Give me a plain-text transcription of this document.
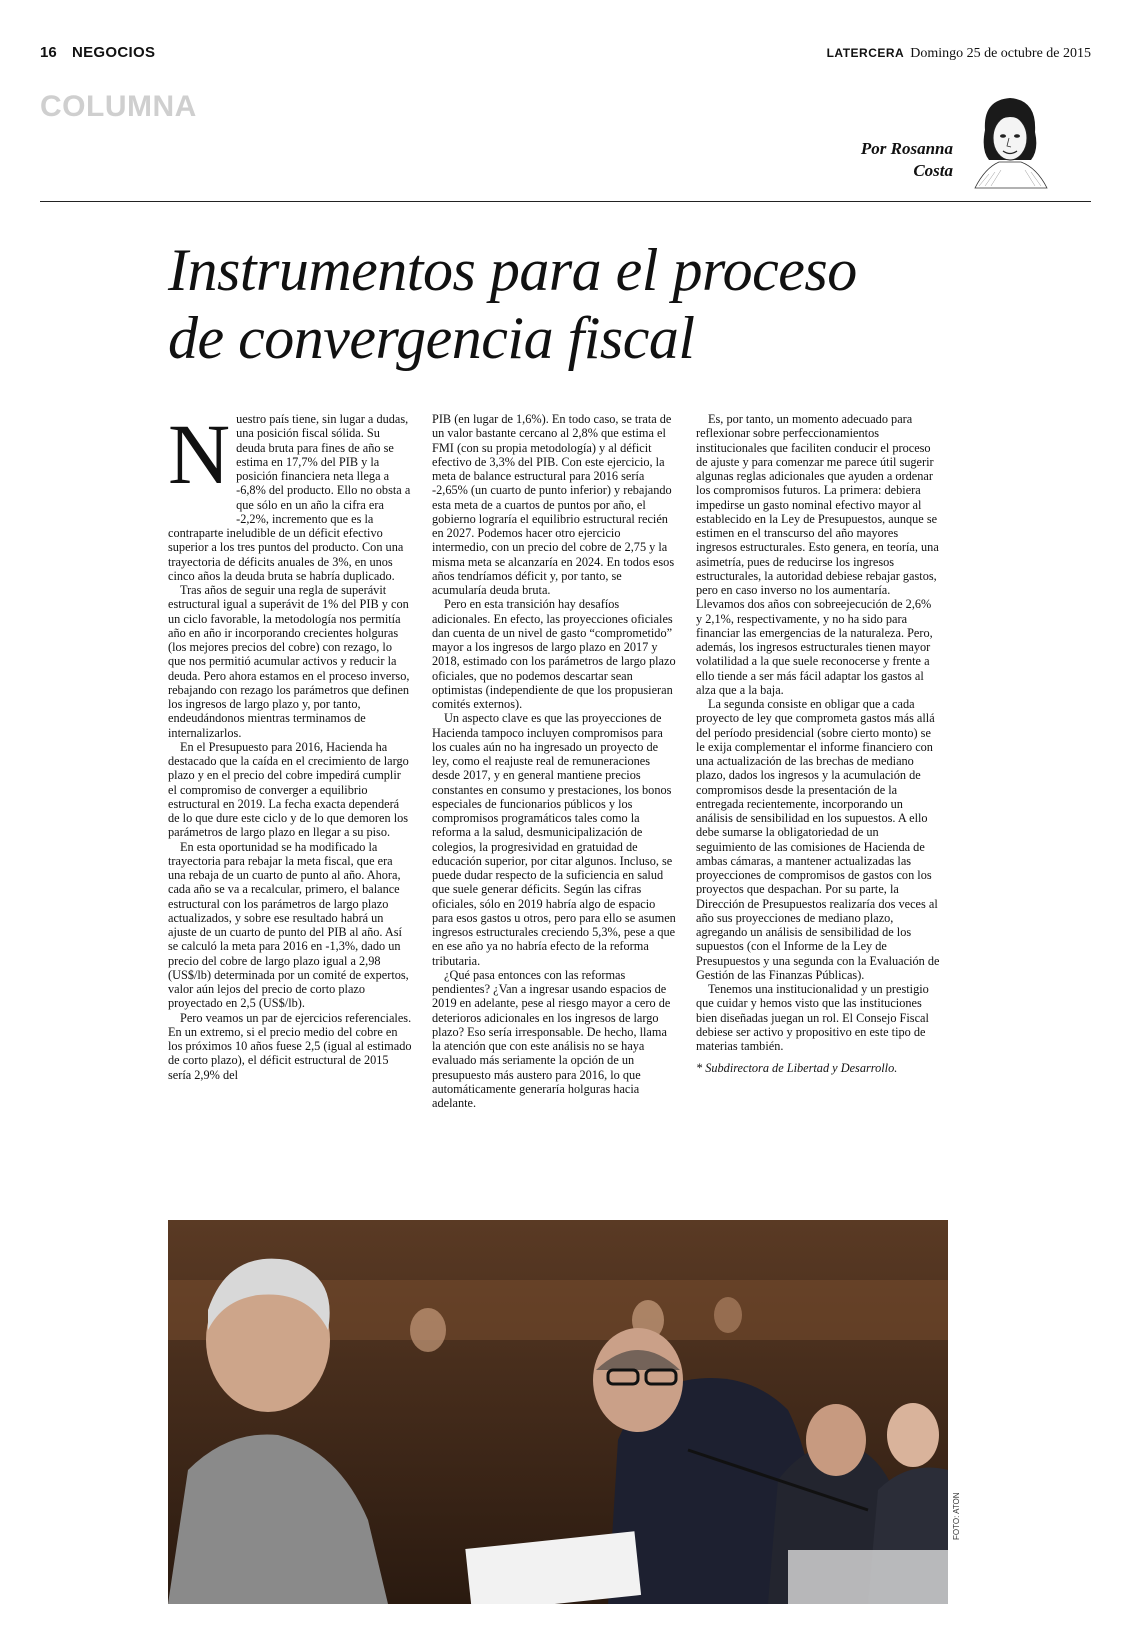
16 NEGOCIOS	LATERCERA Domingo 25 de octubre de 2015
COLUMNA
Por Rosanna
Costa
Instrumentos para el proceso
de convergencia fiscal
N uestro país tiene, sin lugar a dudas, una posición fiscal sólida. Su deuda bruta para fines de año se estima en 17,7% del PIB y la posición financiera neta llega a -6,8% del producto. Ello no obsta a que sólo en un año la cifra era -2,2%, incremento que es la contraparte ineludible de un déficit efectivo superior a los tres puntos del producto. Con una trayectoria de déficits anuales de 3%, en unos cinco años la deuda bruta se habría duplicado.

Tras años de seguir una regla de superávit estructural igual a superávit de 1% del PIB y con un ciclo favorable, la metodología nos permitía año en año ir incorporando crecientes holguras (los mejores precios del cobre) con rezago, lo que nos permitió acumular activos y reducir la deuda. Pero ahora estamos en el proceso inverso, rebajando con rezago los parámetros que definen los ingresos de largo plazo y, por tanto, endeudándonos mientras terminamos de internalizarlos.

En el Presupuesto para 2016, Hacienda ha destacado que la caída en el crecimiento de largo plazo y en el precio del cobre impedirá cumplir el compromiso de converger a equilibrio estructural en 2019. La fecha exacta dependerá de lo que dure este ciclo y de lo que demoren los parámetros de largo plazo en llegar a su piso.

En esta oportunidad se ha modificado la trayectoria para rebajar la meta fiscal, que era una rebaja de un cuarto de punto al año. Ahora, cada año se va a recalcular, primero, el balance estructural con los parámetros de largo plazo actualizados, y sobre ese resultado habrá un ajuste de un cuarto de punto del PIB al año. Así se calculó la meta para 2016 en -1,3%, dado un precio del cobre de largo plazo igual a 2,98 (US$/lb) determinada por un comité de expertos, valor aún lejos del precio de corto plazo proyectado en 2,5 (US$/lb).

Pero veamos un par de ejercicios referenciales. En un extremo, si el precio medio del cobre en los próximos 10 años fuese 2,5 (igual al estimado de corto plazo), el déficit estructural de 2015 sería 2,9% del

PIB (en lugar de 1,6%). En todo caso, se trata de un valor bastante cercano al 2,8% que estima el FMI (con su propia metodología) y al déficit efectivo de 3,3% del PIB. Con este ejercicio, la meta de balance estructural para 2016 sería -2,65% (un cuarto de punto inferior) y rebajando esta meta de a cuartos de puntos por año, el gobierno lograría el equilibrio estructural recién en 2027. Podemos hacer otro ejercicio intermedio, con un precio del cobre de 2,75 y la misma meta se alcanzaría en 2024. En todos esos años tendríamos déficit y, por tanto, se acumularía deuda bruta.

Pero en esta transición hay desafíos adicionales. En efecto, las proyecciones oficiales dan cuenta de un nivel de gasto “comprometido” mayor a los ingresos de largo plazo en 2017 y 2018, estimado con los parámetros de largo plazo oficiales, que no podemos descartar sean optimistas (independiente de que los propusieran comités externos).

Un aspecto clave es que las proyecciones de Hacienda tampoco incluyen compromisos para los cuales aún no ha ingresado un proyecto de ley, como el reajuste real de remuneraciones desde 2017, y en general mantiene precios constantes en consumo y prestaciones, los bonos especiales de funcionarios públicos y los compromisos programáticos tales como la reforma a la salud, desmunicipalización de colegios, la progresividad en gratuidad de educación superior, por citar algunos. Incluso, se puede dudar respecto de la suficiencia en salud que suele generar déficits. Según las cifras oficiales, sólo en 2019 habría algo de espacio para esos gastos u otros, pero para ello se asumen ingresos estructurales creciendo 5,3%, pese a que en ese año ya no habría efecto de la reforma tributaria.

¿Qué pasa entonces con las reformas pendientes? ¿Van a ingresar usando espacios de 2019 en adelante, pese al riesgo mayor a cero de deterioros adicionales en los ingresos de largo plazo? Eso sería irresponsable. De hecho, llama la atención que con este análisis no se haya evaluado más seriamente la opción de un presupuesto más austero para 2016, lo que automáticamente generaría holguras hacia adelante.

Es, por tanto, un momento adecuado para reflexionar sobre perfeccionamientos institucionales que faciliten conducir el proceso de ajuste y para comenzar me parece útil sugerir algunas reglas adicionales que ayuden a ordenar los compromisos futuros. La primera: debiera impedirse un gasto nominal efectivo mayor al establecido en la Ley de Presupuestos, aunque se estimen en el transcurso del año mayores ingresos estructurales. Esto genera, en teoría, una asimetría, pues de reducirse los ingresos estructurales, la autoridad debiese rebajar gastos, pero en caso inverso no los aumentaría. Llevamos dos años con sobreejecución de 2,6% y 2,1%, respectivamente, y no ha sido para financiar las emergencias de la naturaleza. Pero, además, los ingresos estructurales tienen mayor volatilidad a la que suele reconocerse y frente a ello tiende a ser más fácil adaptar los gastos al alza que a la baja.

La segunda consiste en obligar que a cada proyecto de ley que comprometa gastos más allá del período presidencial (sobre cierto monto) se le exija complementar el informe financiero con una actualización de las brechas de mediano plazo, dados los ingresos y la acumulación de compromisos desde la presentación de la entregada recientemente, incorporando un análisis de sensibilidad en los supuestos. A ello debe sumarse la obligatoriedad de un seguimiento de las comisiones de Hacienda de ambas cámaras, a mantener actualizadas las proyecciones de compromisos de gastos con los proyectos que despachan. Por su parte, la Dirección de Presupuestos realizaría dos veces al año sus proyecciones de mediano plazo, agregando un análisis de sensibilidad de los supuestos (con el Informe de la Ley de Presupuestos y una segunda con la Evaluación de Gestión de las Finanzas Públicas).

Tenemos una institucionalidad y un prestigio que cuidar y hemos visto que las instituciones bien diseñadas juegan un rol. El Consejo Fiscal debiese ser activo y propositivo en este tipo de materias también.

* Subdirectora de Libertad y Desarrollo.

FOTO: ATON
